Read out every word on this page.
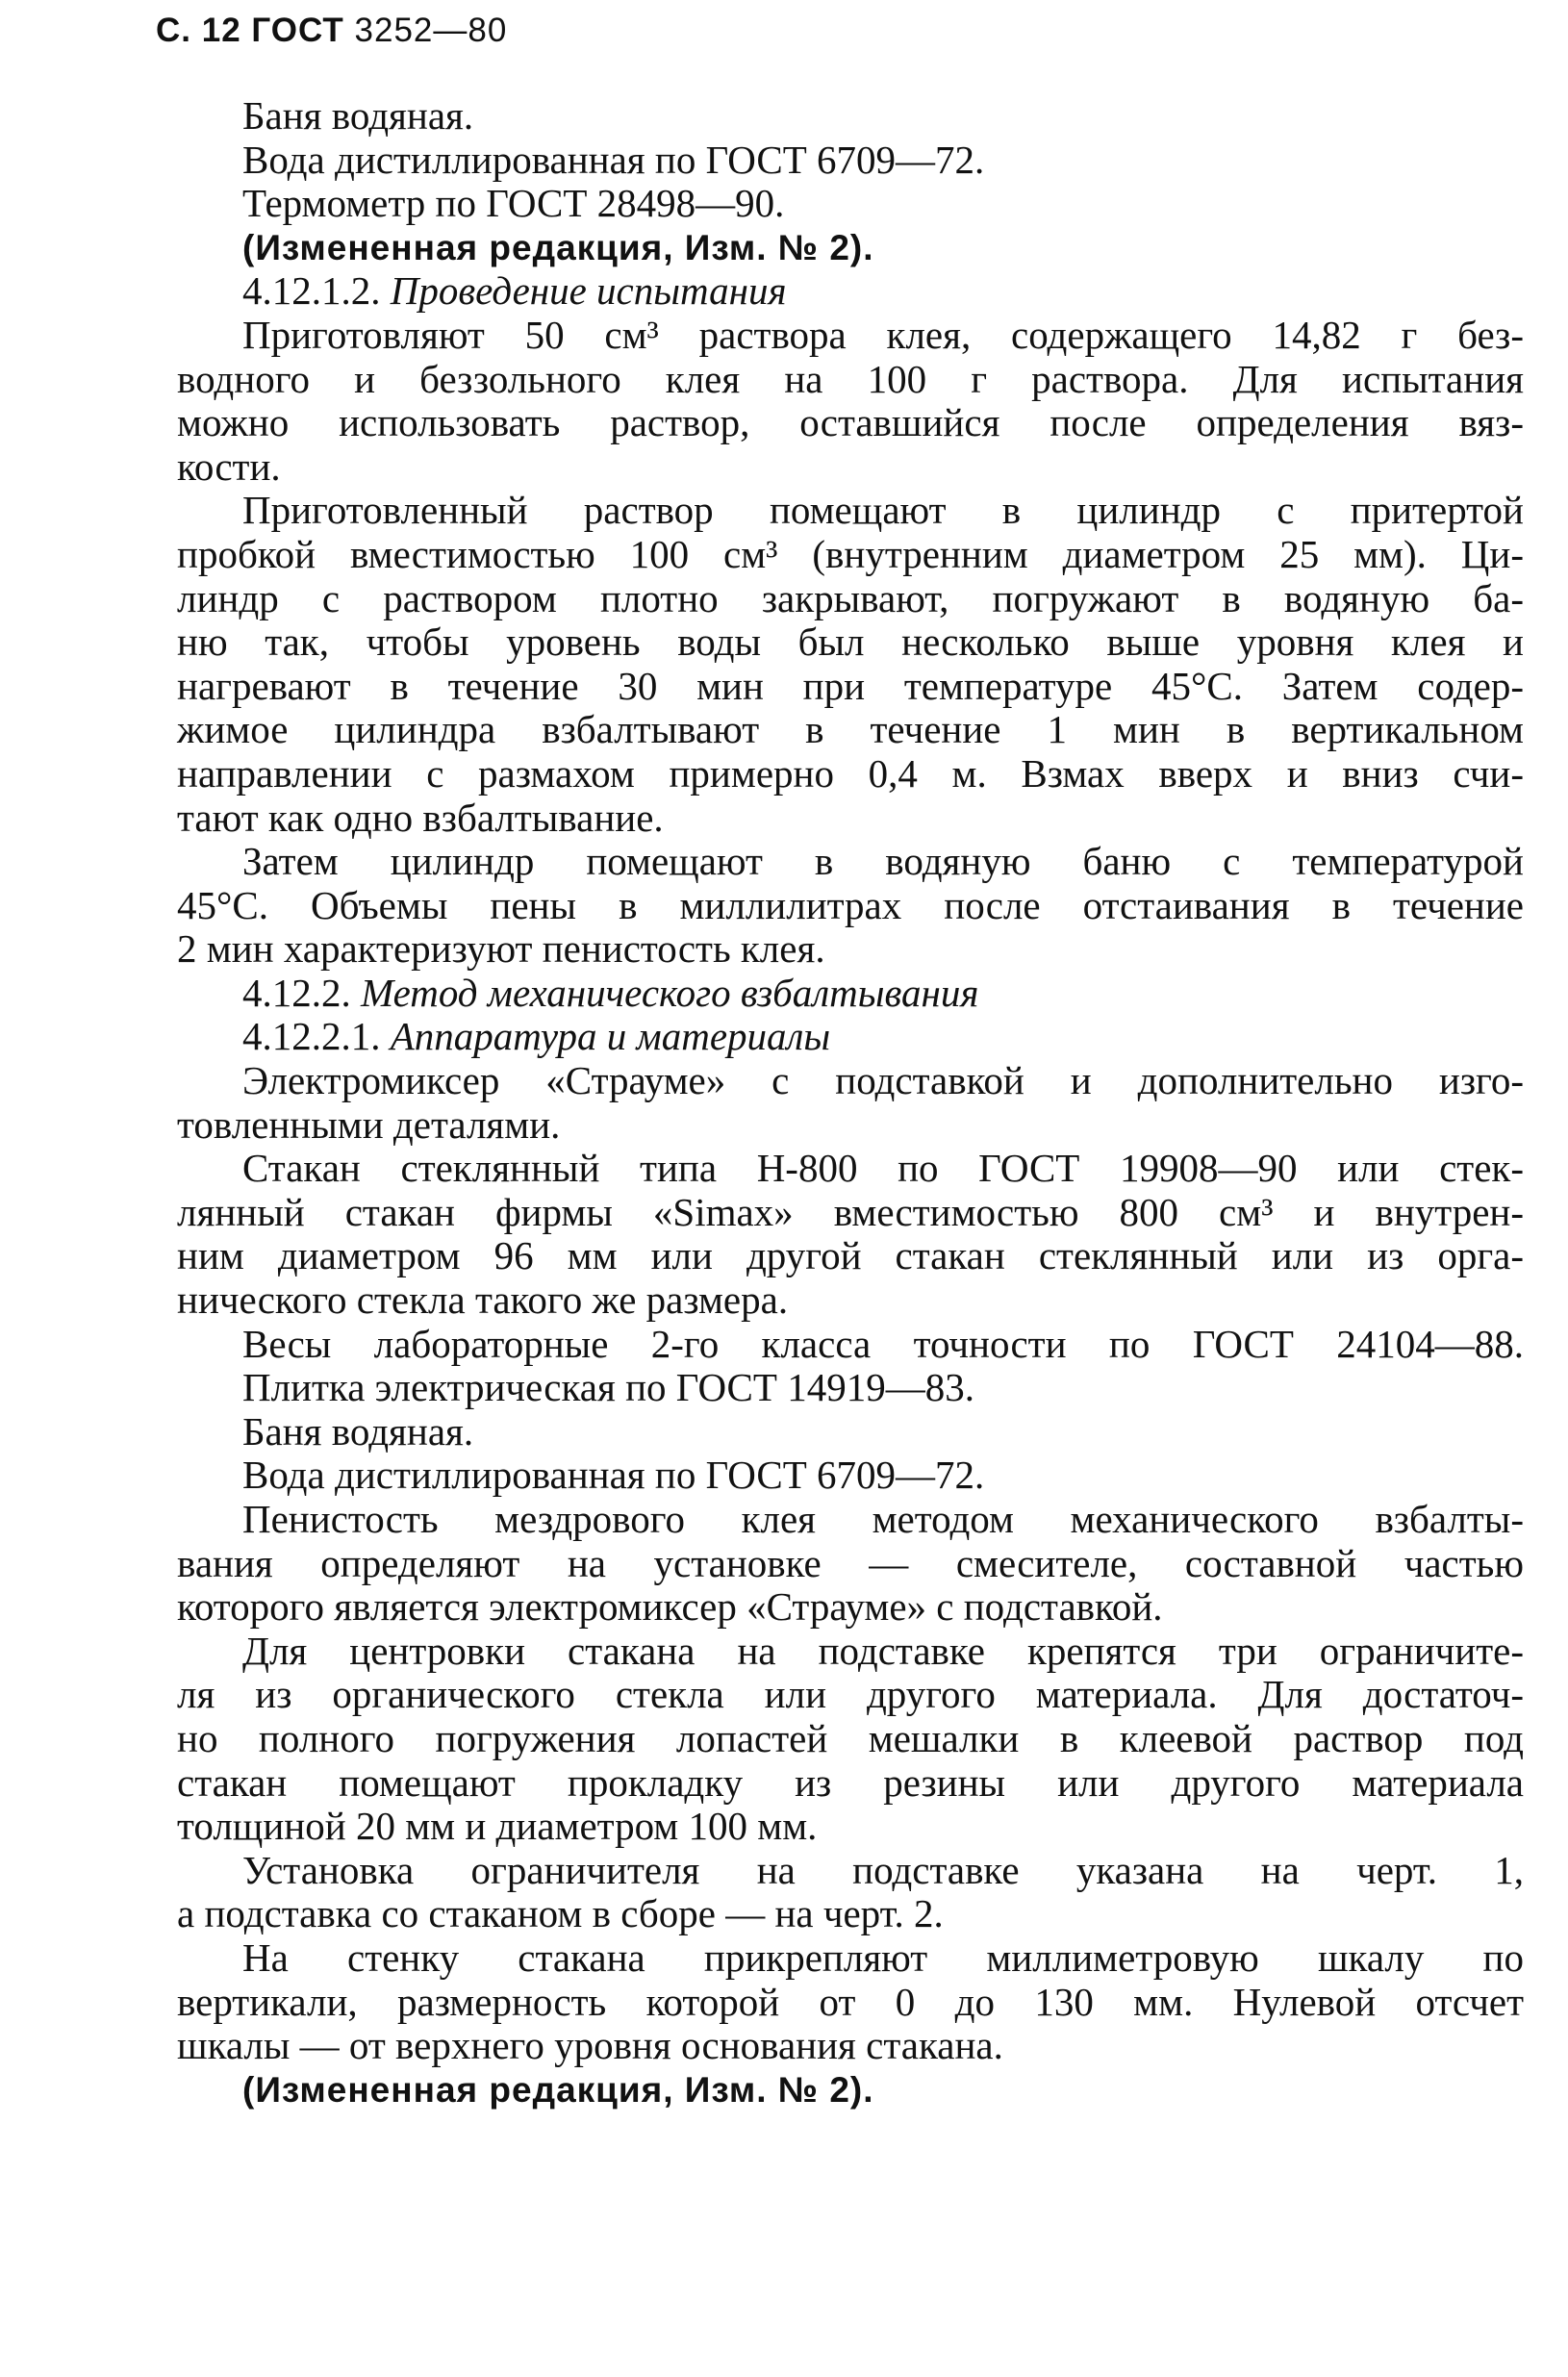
С. 12 ГОСТ 3252—80
Баня водяная.
Вода дистиллированная по ГОСТ 6709—72.
Термометр по ГОСТ 28498—90.
(Измененная редакция, Изм. № 2).
4.12.1.2. Проведение испытания
Приготовляют 50 см³ раствора клея, содержащего 14,82 г без-
водного и беззольного клея на 100 г раствора. Для испытания
можно использовать раствор, оставшийся после определения вяз-
кости.
Приготовленный раствор помещают в цилиндр с притертой
пробкой вместимостью 100 см³ (внутренним диаметром 25 мм). Ци-
линдр с раствором плотно закрывают, погружают в водяную ба-
ню так, чтобы уровень воды был несколько выше уровня клея и
нагревают в течение 30 мин при температуре 45°С. Затем содер-
жимое цилиндра взбалтывают в течение 1 мин в вертикальном
направлении с размахом примерно 0,4 м. Взмах вверх и вниз счи-
тают как одно взбалтывание.
Затем цилиндр помещают в водяную баню с температурой
45°С. Объемы пены в миллилитрах после отстаивания в течение
2 мин характеризуют пенистость клея.
4.12.2. Метод механического взбалтывания
4.12.2.1. Аппаратура и материалы
Электромиксер «Страуме» с подставкой и дополнительно изго-
товленными деталями.
Стакан стеклянный типа Н-800 по ГОСТ 19908—90 или стек-
лянный стакан фирмы «Simax» вместимостью 800 см³ и внутрен-
ним диаметром 96 мм или другой стакан стеклянный или из орга-
нического стекла такого же размера.
Весы лабораторные 2-го класса точности по ГОСТ 24104—88.
Плитка электрическая по ГОСТ 14919—83.
Баня водяная.
Вода дистиллированная по ГОСТ 6709—72.
Пенистость мездрового клея методом механического взбалты-
вания определяют на установке — смесителе, составной частью
которого является электромиксер «Страуме» с подставкой.
Для центровки стакана на подставке крепятся три ограничите-
ля из органического стекла или другого материала. Для достаточ-
но полного погружения лопастей мешалки в клеевой раствор под
стакан помещают прокладку из резины или другого материала
толщиной 20 мм и диаметром 100 мм.
Установка ограничителя на подставке указана на черт. 1,
а подставка со стаканом в сборе — на черт. 2.
На стенку стакана прикрепляют миллиметровую шкалу по
вертикали, размерность которой от 0 до 130 мм. Нулевой отсчет
шкалы — от верхнего уровня основания стакана.
(Измененная редакция, Изм. № 2).
